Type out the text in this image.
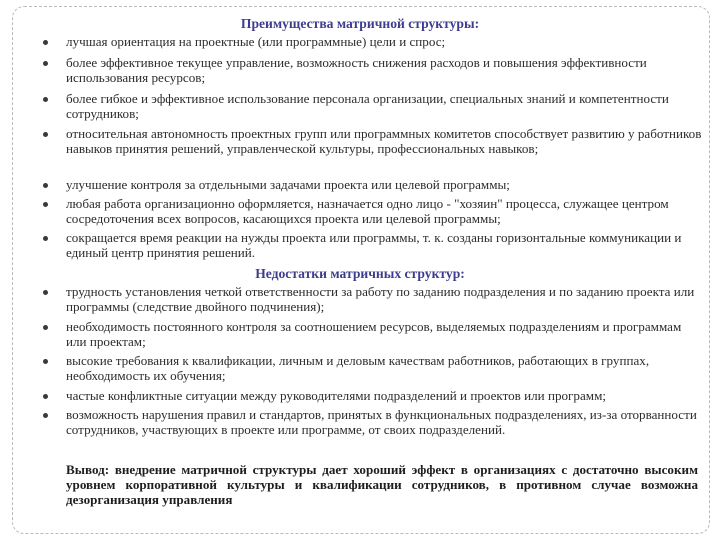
Преимущества матричной структуры:
лучшая ориентация на проектные (или программные) цели и спрос;
более эффективное текущее управление, возможность снижения расходов и повышения эффективности использования ресурсов;
более гибкое и эффективное использование персонала организации, специальных знаний и компетентности сотрудников;
относительная автономность проектных групп или программных комитетов способствует развитию у работников навыков принятия решений, управленческой культуры, профессиональных навыков;
улучшение контроля за отдельными задачами проекта или целевой программы;
любая работа организационно оформляется, назначается одно лицо - "хозяин" процесса, служащее центром сосредоточения всех вопросов, касающихся проекта или целевой программы;
сокращается время реакции на нужды проекта или программы, т. к. созданы горизонтальные коммуникации и единый центр принятия решений.
Недостатки матричных структур:
трудность установления четкой ответственности за работу по заданию подразделения и по заданию проекта или программы (следствие двойного подчинения);
необходимость постоянного контроля за соотношением ресурсов, выделяемых подразделениям и программам или проектам;
высокие требования к квалификации, личным и деловым качествам работников, работающих в группах, необходимость их обучения;
частые конфликтные ситуации между руководителями подразделений и проектов или программ;
возможность нарушения правил и стандартов, принятых в функциональных подразделениях, из-за оторванности сотрудников, участвующих в проекте или программе, от своих подразделений.
Вывод: внедрение матричной структуры дает хороший эффект в организациях с достаточно высоким уровнем корпоративной культуры и квалификации сотрудников, в противном случае возможна дезорганизация управления
